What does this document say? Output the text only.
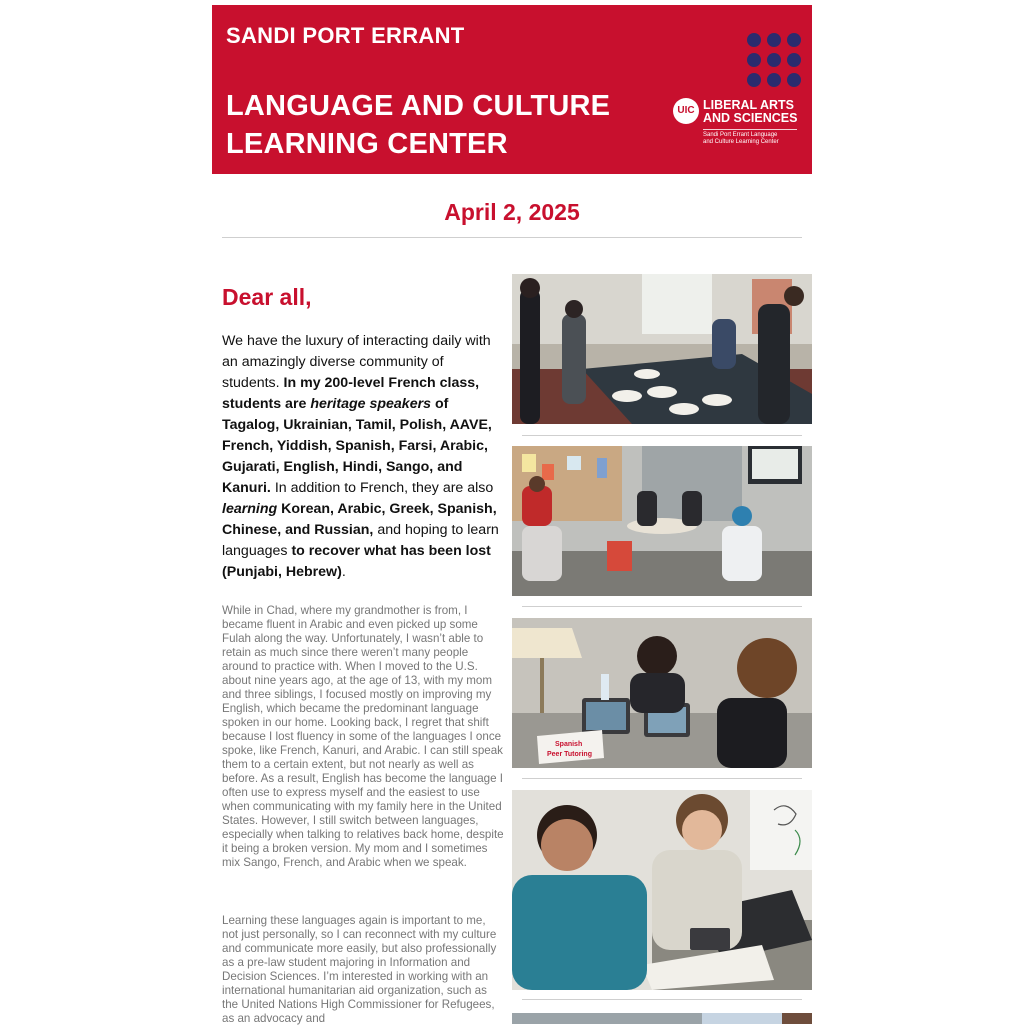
SANDI PORT ERRANT
LANGUAGE AND CULTURE
LEARNING CENTER
UIC LIBERAL ARTS
AND SCIENCES
Sandi Port Errant Language
and Culture Learning Center
April 2, 2025
Dear all,
We have the luxury of interacting daily with an amazingly diverse community of students. In my 200-level French class, students are heritage speakers of Tagalog, Ukrainian, Tamil, Polish, AAVE, French, Yiddish, Spanish, Farsi, Arabic, Gujarati, English, Hindi, Sango, and Kanuri. In addition to French, they are also learning Korean, Arabic, Greek, Spanish, Chinese, and Russian, and hoping to learn languages to recover what has been lost (Punjabi, Hebrew).
While in Chad, where my grandmother is from, I became fluent in Arabic and even picked up some Fulah along the way. Unfortunately, I wasn’t able to retain as much since there weren’t many people around to practice with. When I moved to the U.S. about nine years ago, at the age of 13, with my mom and three siblings, I focused mostly on improving my English, which became the predominant language spoken in our home. Looking back, I regret that shift because I lost fluency in some of the languages I once spoke, like French, Kanuri, and Arabic. I can still speak them to a certain extent, but not nearly as well as before. As a result, English has become the language I often use to express myself and the easiest to use when communicating with my family here in the United States. However, I still switch between languages, especially when talking to relatives back home, despite it being a broken version. My mom and I sometimes mix Sango, French, and Arabic when we speak.
Learning these languages again is important to me, not just personally, so I can reconnect with my culture and communicate more easily, but also professionally as a pre-law student majoring in Information and Decision Sciences. I’m interested in working with an international humanitarian aid organization, such as the United Nations High Commissioner for Refugees, as an advocacy and
Spanish
Peer Tutoring
